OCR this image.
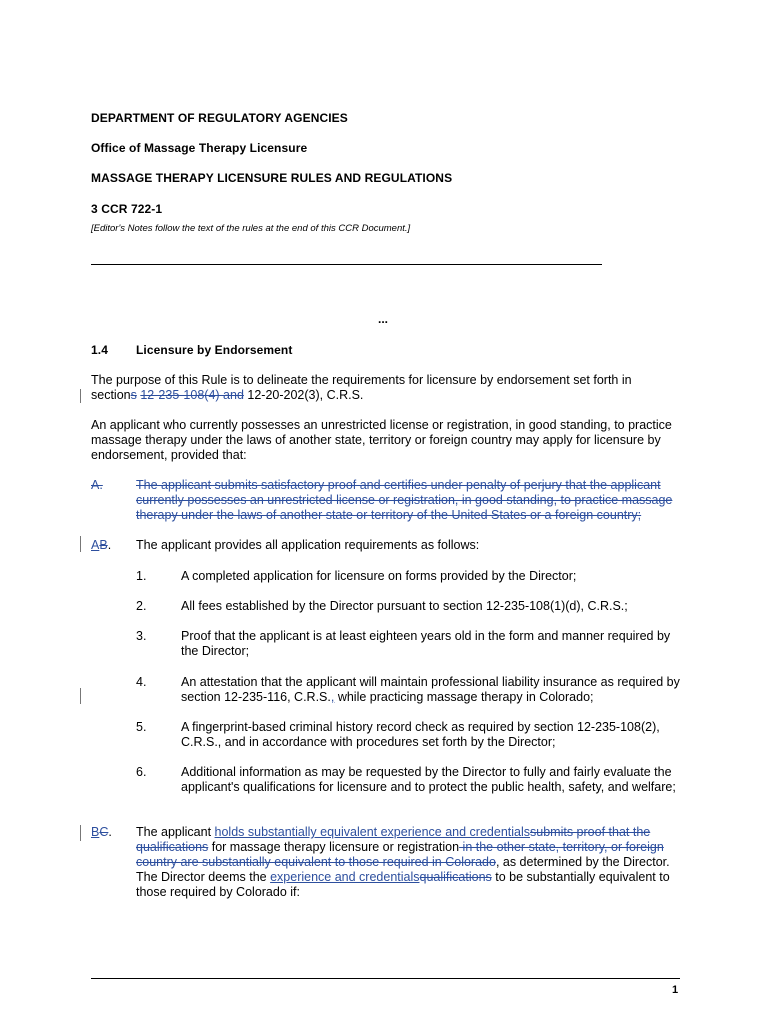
DEPARTMENT OF REGULATORY AGENCIES
Office of Massage Therapy Licensure
MASSAGE THERAPY LICENSURE RULES AND REGULATIONS
3 CCR 722-1
[Editor's Notes follow the text of the rules at the end of this CCR Document.]
...
1.4 Licensure by Endorsement
The purpose of this Rule is to delineate the requirements for licensure by endorsement set forth in sections 12-235-108(4) and 12-20-202(3), C.R.S.
An applicant who currently possesses an unrestricted license or registration, in good standing, to practice massage therapy under the laws of another state, territory or foreign country may apply for licensure by endorsement, provided that:
A.	The applicant submits satisfactory proof and certifies under penalty of perjury that the applicant currently possesses an unrestricted license or registration, in good standing, to practice massage therapy under the laws of another state or territory of the United States or a foreign country;
AB. The applicant provides all application requirements as follows:
1.	A completed application for licensure on forms provided by the Director;
2.	All fees established by the Director pursuant to section 12-235-108(1)(d), C.R.S.;
3.	Proof that the applicant is at least eighteen years old in the form and manner required by the Director;
4.	An attestation that the applicant will maintain professional liability insurance as required by section 12-235-116, C.R.S., while practicing massage therapy in Colorado;
5.	A fingerprint-based criminal history record check as required by section 12-235-108(2), C.R.S., and in accordance with procedures set forth by the Director;
6.	Additional information as may be requested by the Director to fully and fairly evaluate the applicant's qualifications for licensure and to protect the public health, safety, and welfare;
BC. The applicant holds substantially equivalent experience and credentialssubmits proof that the qualifications for massage therapy licensure or registration in the other state, territory, or foreign country are substantially equivalent to those required in Colorado, as determined by the Director. The Director deems the experience and credentialsqualifications to be substantially equivalent to those required by Colorado if:
1
